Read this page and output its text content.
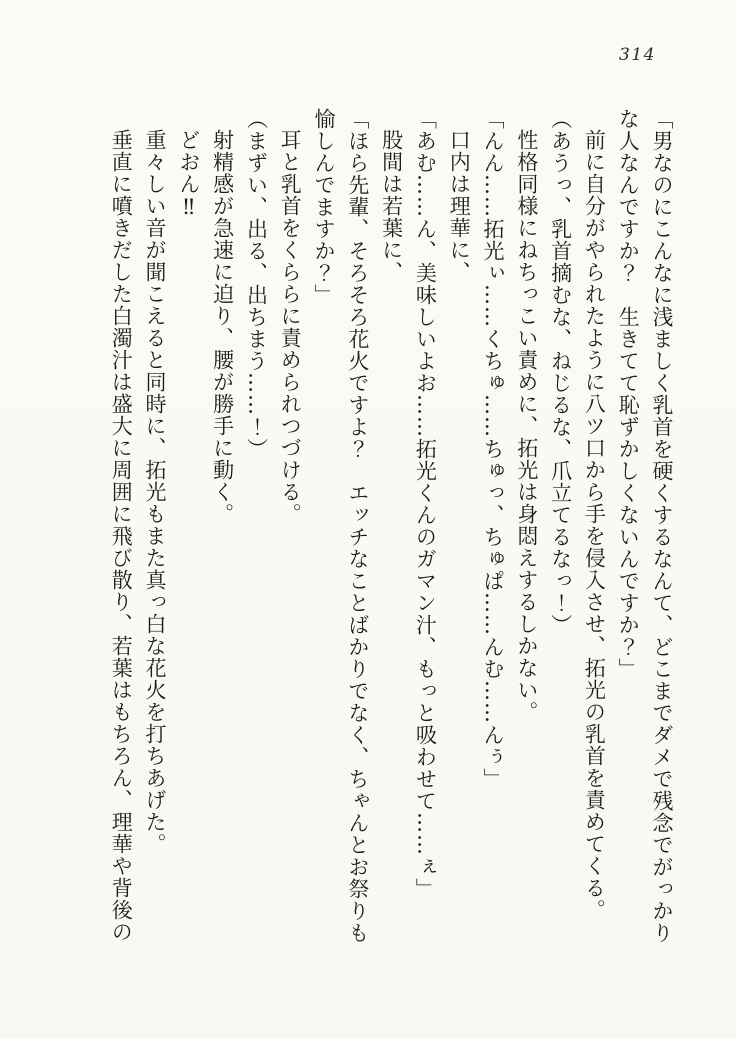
314

「男なのにこんなに浅ましく乳首を硬くするなんて、どこまでダメで残念でがっかりな人なんですか？　生きてて恥ずかしくないんですか？」

前に自分がやられたように八ツ口から手を侵入させ、拓光の乳首を責めてくる。

（あうっ、乳首摘むな、ねじるな、爪立てるなっ！）

性格同様にねちっこい責めに、拓光は身悶えするしかない。

「んん……拓光ぃ……くちゅ……ちゅっ、ちゅぱ……んむ……んぅ」

口内は理華に、

「あむ……ん、美味しいよお……拓光くんのガマン汁、もっと吸わせて……ぇ」

股間は若葉に、

「ほら先輩、そろそろ花火ですよ？　エッチなことばかりでなく、ちゃんとお祭りも愉しんでますか？」

耳と乳首をくららに責められつづける。

（まずい、出る、出ちまう……！）

射精感が急速に迫り、腰が勝手に動く。

どおん‼

重々しい音が聞こえると同時に、拓光もまた真っ白な花火を打ちあげた。

垂直に噴きだした白濁汁は盛大に周囲に飛び散り、若葉はもちろん、理華や背後の
